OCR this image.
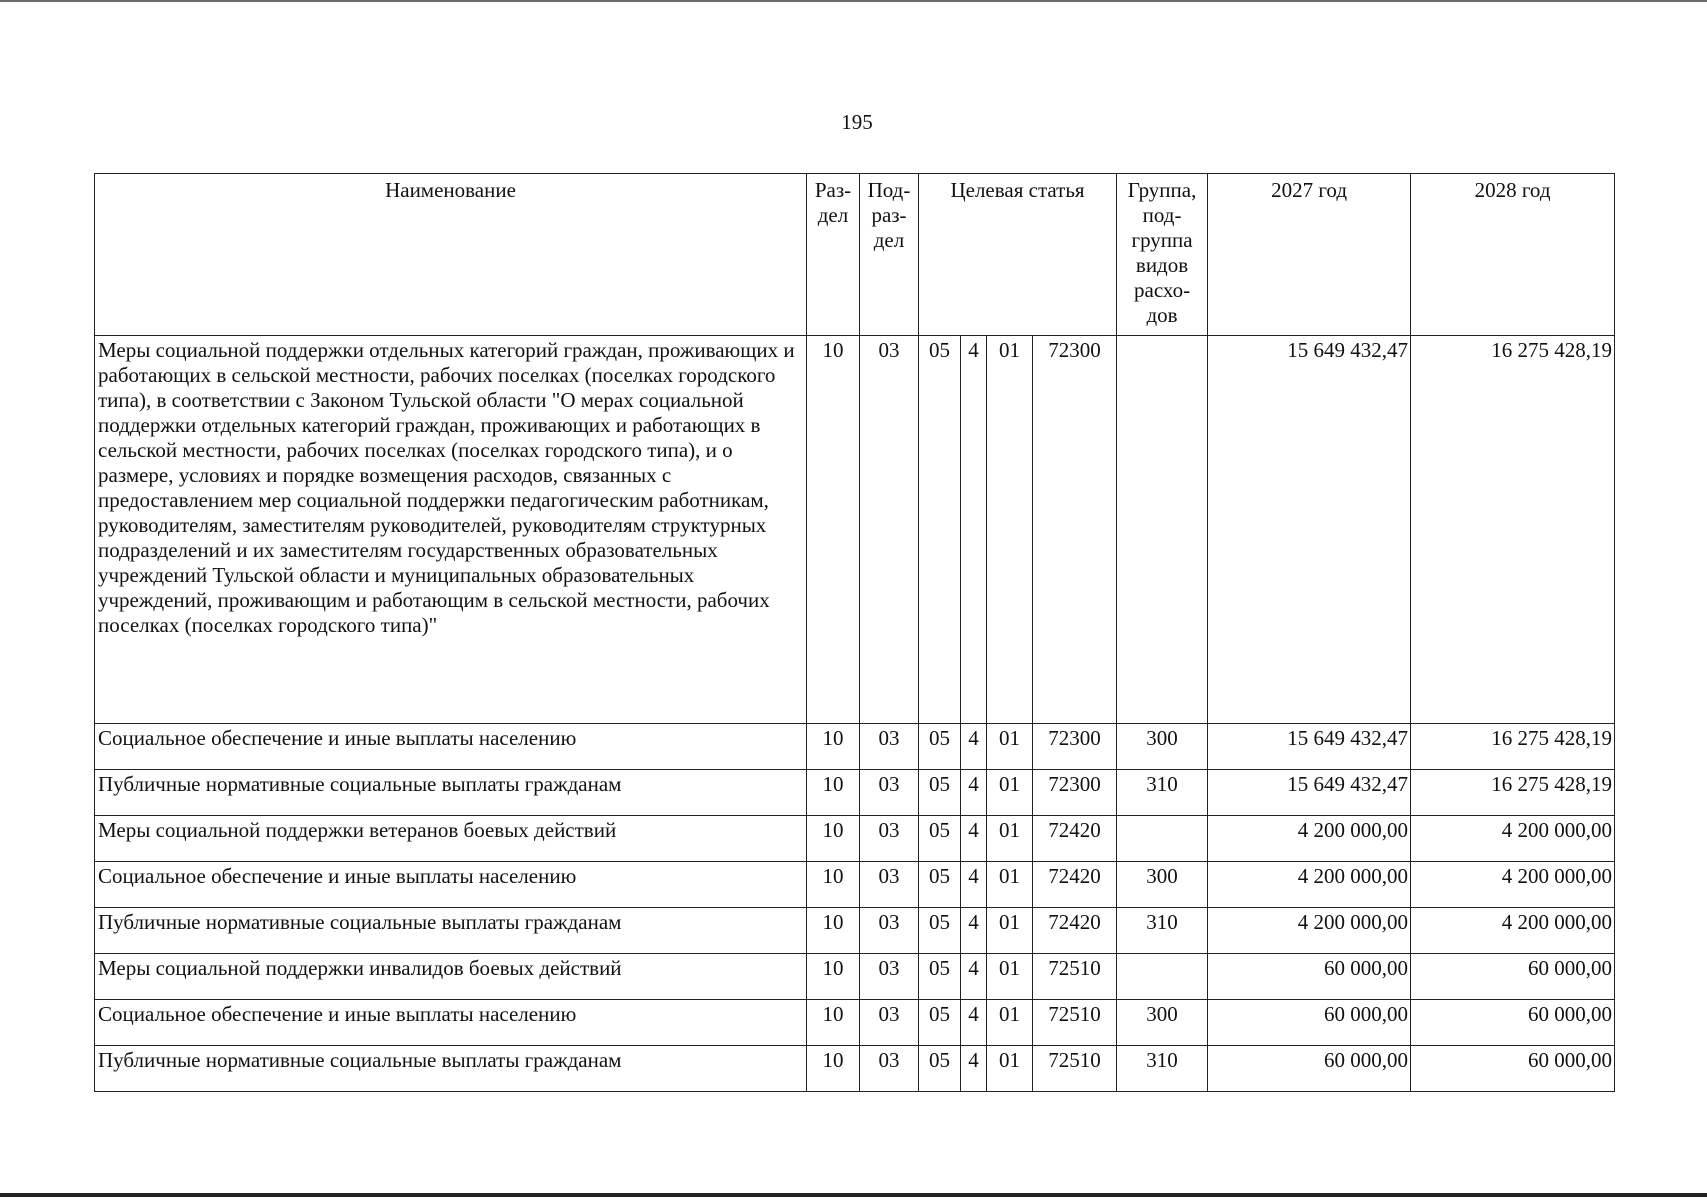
195
Наименование	Раз-дел	Под-раз-дел	Целевая статья				Группа, под-группа видов расхо-дов	2027 год	2028 год
Меры социальной поддержки отдельных категорий граждан, проживающих и работающих в сельской местности, рабочих поселках (поселках городского типа), в соответствии с Законом Тульской области "О мерах социальной поддержки отдельных категорий граждан, проживающих и работающих в сельской местности, рабочих поселках (поселках городского типа), и о размере, условиях и порядке возмещения расходов, связанных с предоставлением мер социальной поддержки педагогическим работникам, руководителям, заместителям руководителей, руководителям структурных подразделений и их заместителям государственных образовательных учреждений Тульской области и муниципальных образовательных учреждений, проживающим и работающим в сельской местности, рабочих поселках (поселках городского типа)"	10	03	05	4	01	72300		15 649 432,47	16 275 428,19
Социальное обеспечение и иные выплаты населению	10	03	05	4	01	72300	300	15 649 432,47	16 275 428,19
Публичные нормативные социальные выплаты гражданам	10	03	05	4	01	72300	310	15 649 432,47	16 275 428,19
Меры социальной поддержки ветеранов боевых действий	10	03	05	4	01	72420		4 200 000,00	4 200 000,00
Социальное обеспечение и иные выплаты населению	10	03	05	4	01	72420	300	4 200 000,00	4 200 000,00
Публичные нормативные социальные выплаты гражданам	10	03	05	4	01	72420	310	4 200 000,00	4 200 000,00
Меры социальной поддержки инвалидов боевых действий	10	03	05	4	01	72510		60 000,00	60 000,00
Социальное обеспечение и иные выплаты населению	10	03	05	4	01	72510	300	60 000,00	60 000,00
Публичные нормативные социальные выплаты гражданам	10	03	05	4	01	72510	310	60 000,00	60 000,00
